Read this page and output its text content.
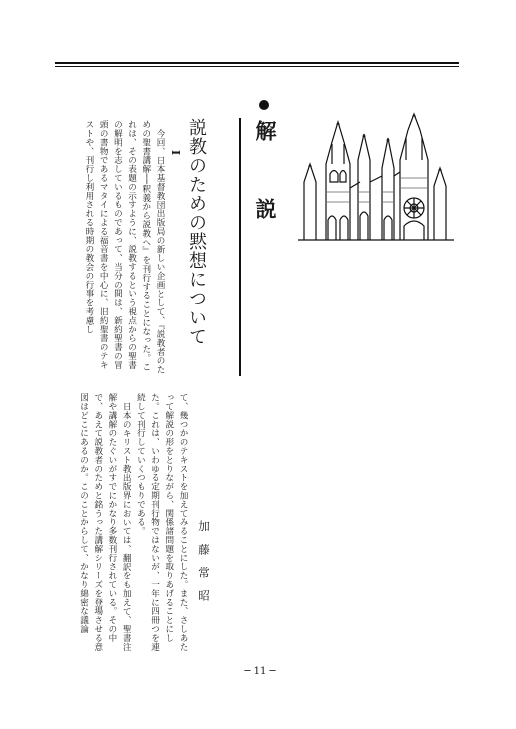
解
説
説教のための黙想について
I

今回、日本基督教団出版局の新しい企画として、『説教者のための聖書講解──釈義から説教へ』を刊行することになった。これは、その表題の示すように、説教するという視点からの聖書の解明を志しているものであって、当分の間は、新約聖書の冒頭の書物であるマタイによる福音書を中心に、旧約聖書のテキストや、刊行し利用される時期の教会の行事を考慮し

て、幾つかのテキストを加えてみることにした。また、さしあたって解説の形をとりながら、関係諸問題を取りあげることにした。これは、いわゆる定期刊行物ではないが、一年に四冊つを連続して刊行していくつもりである。

日本のキリスト教出版界においては、翻訳をも加えて、聖書注解や講解のたぐいがすでにかなり多数刊行されている。その中で、あえて説教者のためと銘うった講解シリーズを登場させる意図はどこにあるのか。このことからして、かなり綿密な議論	加 藤 常 昭
─ 11 ─
